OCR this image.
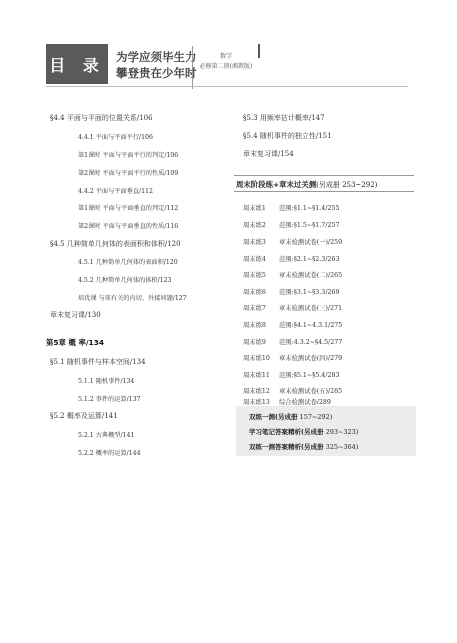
目 录 为学应须毕生力
攀登贵在少年时
数学
必修第二册(湘教版)
§4.4 平面与平面的位置关系/106
4.4.1 平面与平面平行/106
第1课时 平面与平面平行的判定/106
第2课时 平面与平面平行的性质/109
4.4.2 平面与平面垂直/112
第1课时 平面与平面垂直的判定/112
第2课时 平面与平面垂直的性质/116
§4.5 几种简单几何体的表面积和体积/120
4.5.1 几种简单几何体的表面积/120
4.5.2 几种简单几何体的体积/123
培优课 与球有关的内切、外接问题/127
章末复习课/130
第5章 概 率/134
§5.1 随机事件与样本空间/134
5.1.1 随机事件/134
5.1.2 事件的运算/137
§5.2 概率及运算/141
5.2.1 古典概型/141
5.2.2 概率的运算/144
§5.3 用频率估计概率/147
§5.4 随机事件的独立性/151
章末复习课/154
周末阶段练+章末过关测(另成册 253~292)
周末练1 范围:§1.1~§1.4/255
周末练2 范围:§1.5~§1.7/257
周末练3 章末检测试卷(一)/259
周末练4 范围:§2.1~§2.3/263
周末练5 章末检测试卷(二)/265
周末练6 范围:§3.1~§3.3/269
周末练7 章末检测试卷(三)/271
周末练8 范围:§4.1~4.3.1/275
周末练9 范围:4.3.2~§4.5/277
周末练10 章末检测试卷(四)/279
周末练11 范围:§5.1~§5.4/283
周末练12 章末检测试卷(五)/285
周末练13 综合检测试卷/289
双练一测(另成册 157~292)
学习笔记答案精析(另成册 293~323)
双练一测答案精析(另成册 325~364)
